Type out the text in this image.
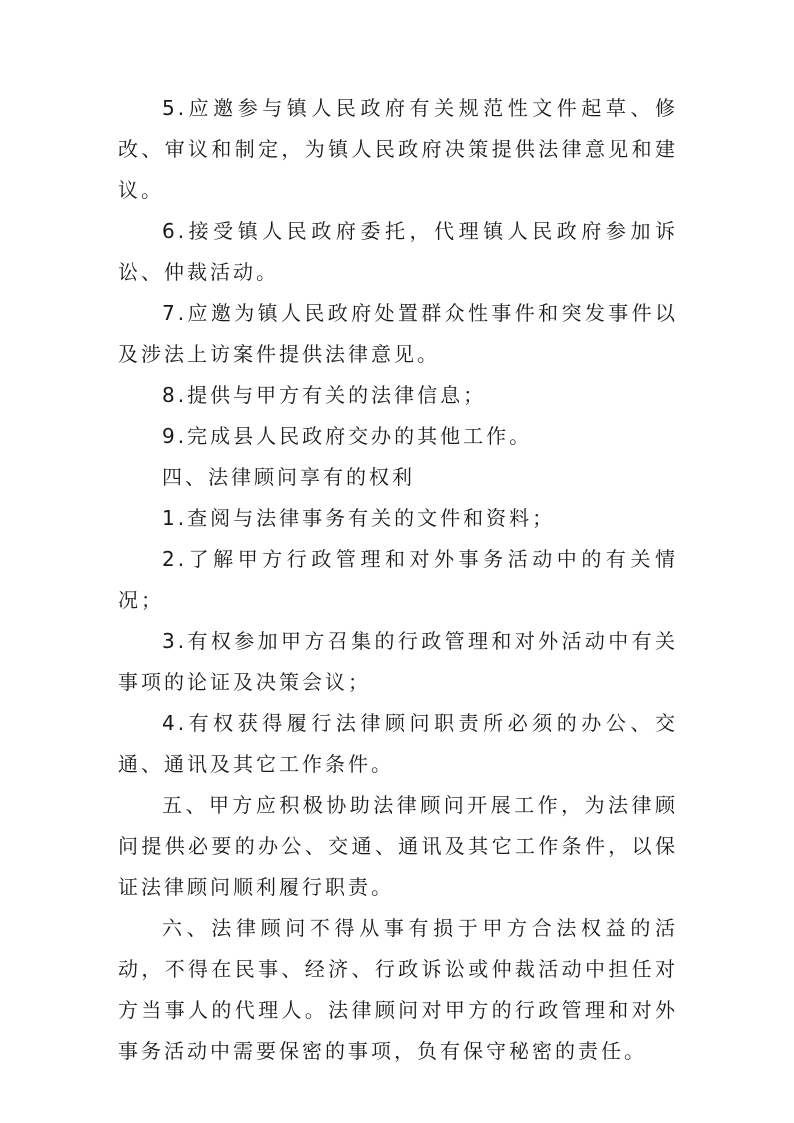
5.应邀参与镇人民政府有关规范性文件起草、修改、审议和制定，为镇人民政府决策提供法律意见和建议。

6.接受镇人民政府委托，代理镇人民政府参加诉讼、仲裁活动。

7.应邀为镇人民政府处置群众性事件和突发事件以及涉法上访案件提供法律意见。

8.提供与甲方有关的法律信息；

9.完成县人民政府交办的其他工作。

四、法律顾问享有的权利

1.查阅与法律事务有关的文件和资料；

2.了解甲方行政管理和对外事务活动中的有关情况；

3.有权参加甲方召集的行政管理和对外活动中有关事项的论证及决策会议；

4.有权获得履行法律顾问职责所必须的办公、交通、通讯及其它工作条件。

五、甲方应积极协助法律顾问开展工作，为法律顾问提供必要的办公、交通、通讯及其它工作条件，以保证法律顾问顺利履行职责。

六、法律顾问不得从事有损于甲方合法权益的活动，不得在民事、经济、行政诉讼或仲裁活动中担任对方当事人的代理人。法律顾问对甲方的行政管理和对外事务活动中需要保密的事项，负有保守秘密的责任。
